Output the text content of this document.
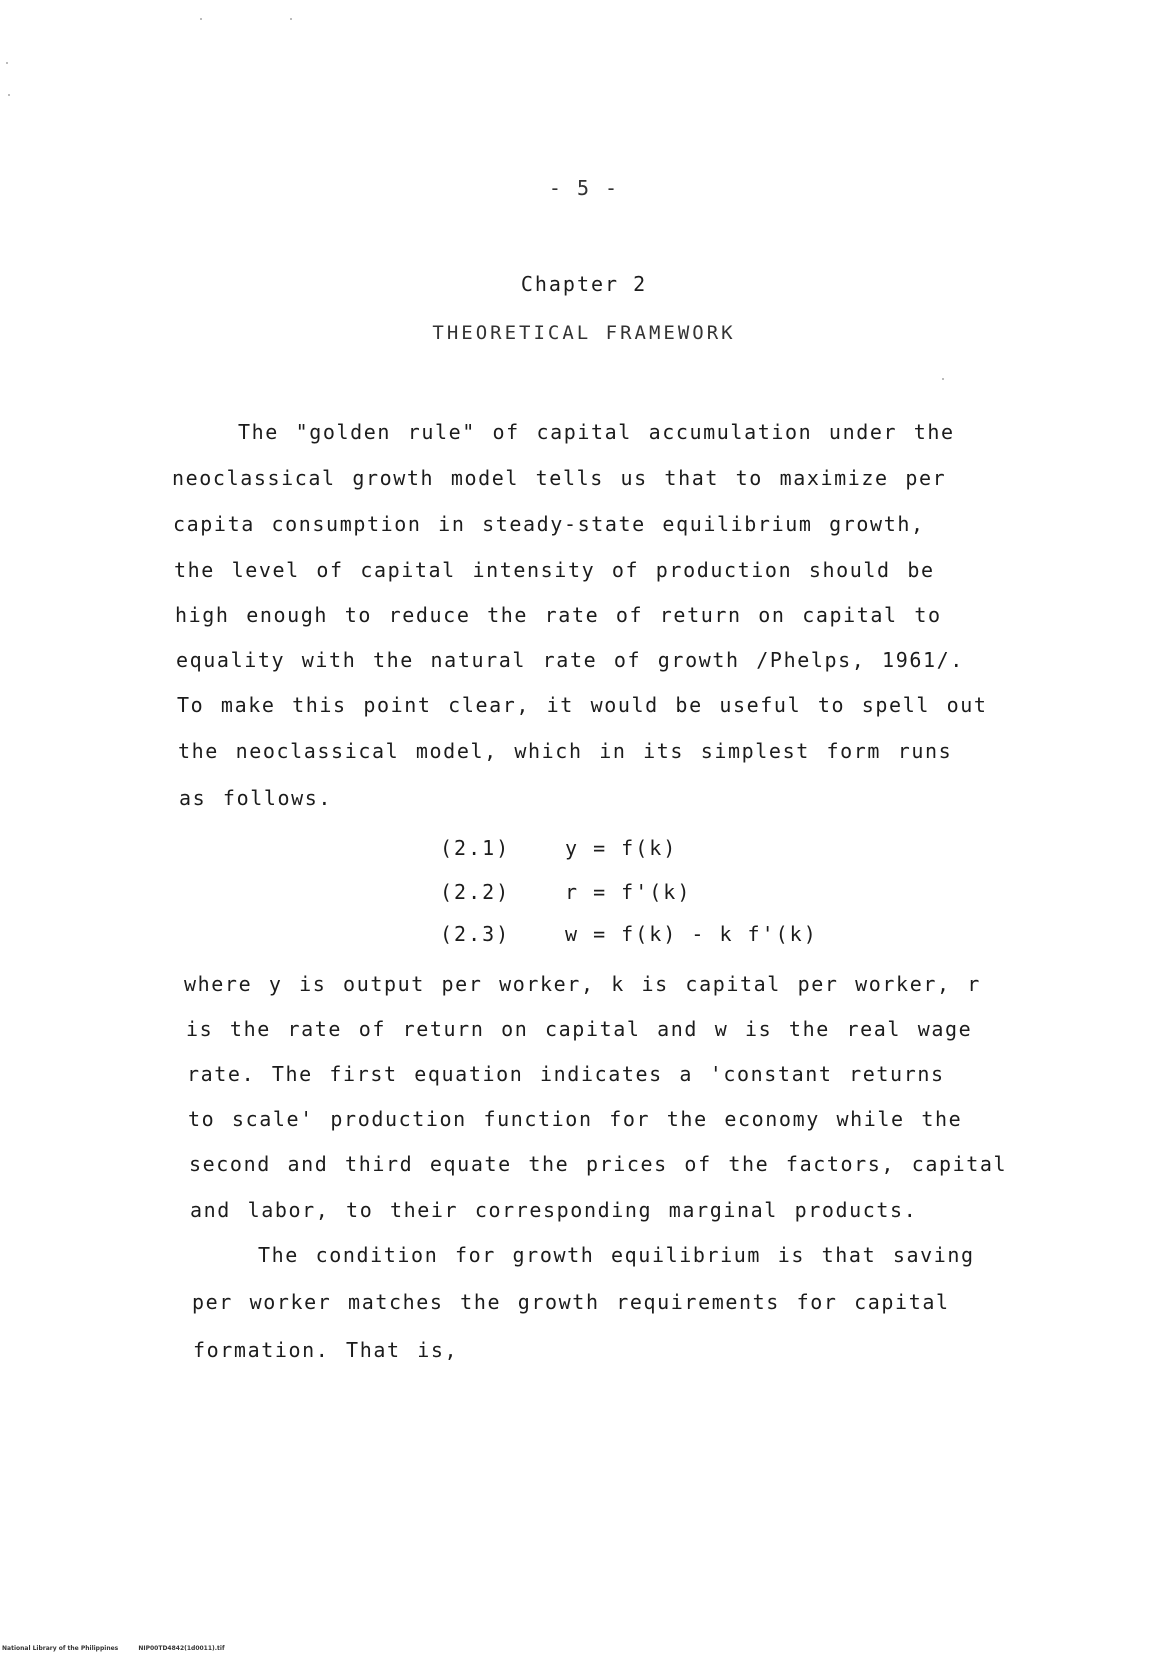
- 5 -
Chapter 2
THEORETICAL FRAMEWORK
The "golden rule" of capital accumulation under the
neoclassical growth model tells us that to maximize per
capita consumption in steady-state equilibrium growth,
the level of capital intensity of production should be
high enough to reduce the rate of return on capital to
equality with the natural rate of growth /Phelps, 1961/.
To make this point clear, it would be useful to spell out
the neoclassical model, which in its simplest form runs
as follows.
(2.1)	y = f(k)
(2.2)	r = f'(k)
(2.3)	w = f(k) - k f'(k)
where y is output per worker, k is capital per worker, r
is the rate of return on capital and w is the real wage
rate. The first equation indicates a 'constant returns
to scale' production function for the economy while the
second and third equate the prices of the factors, capital
and labor, to their corresponding marginal products.
The condition for growth equilibrium is that saving
per worker matches the growth requirements for capital
formation. That is,
National Library of the Philippines	NIP00TD4842(1d0011).tif
